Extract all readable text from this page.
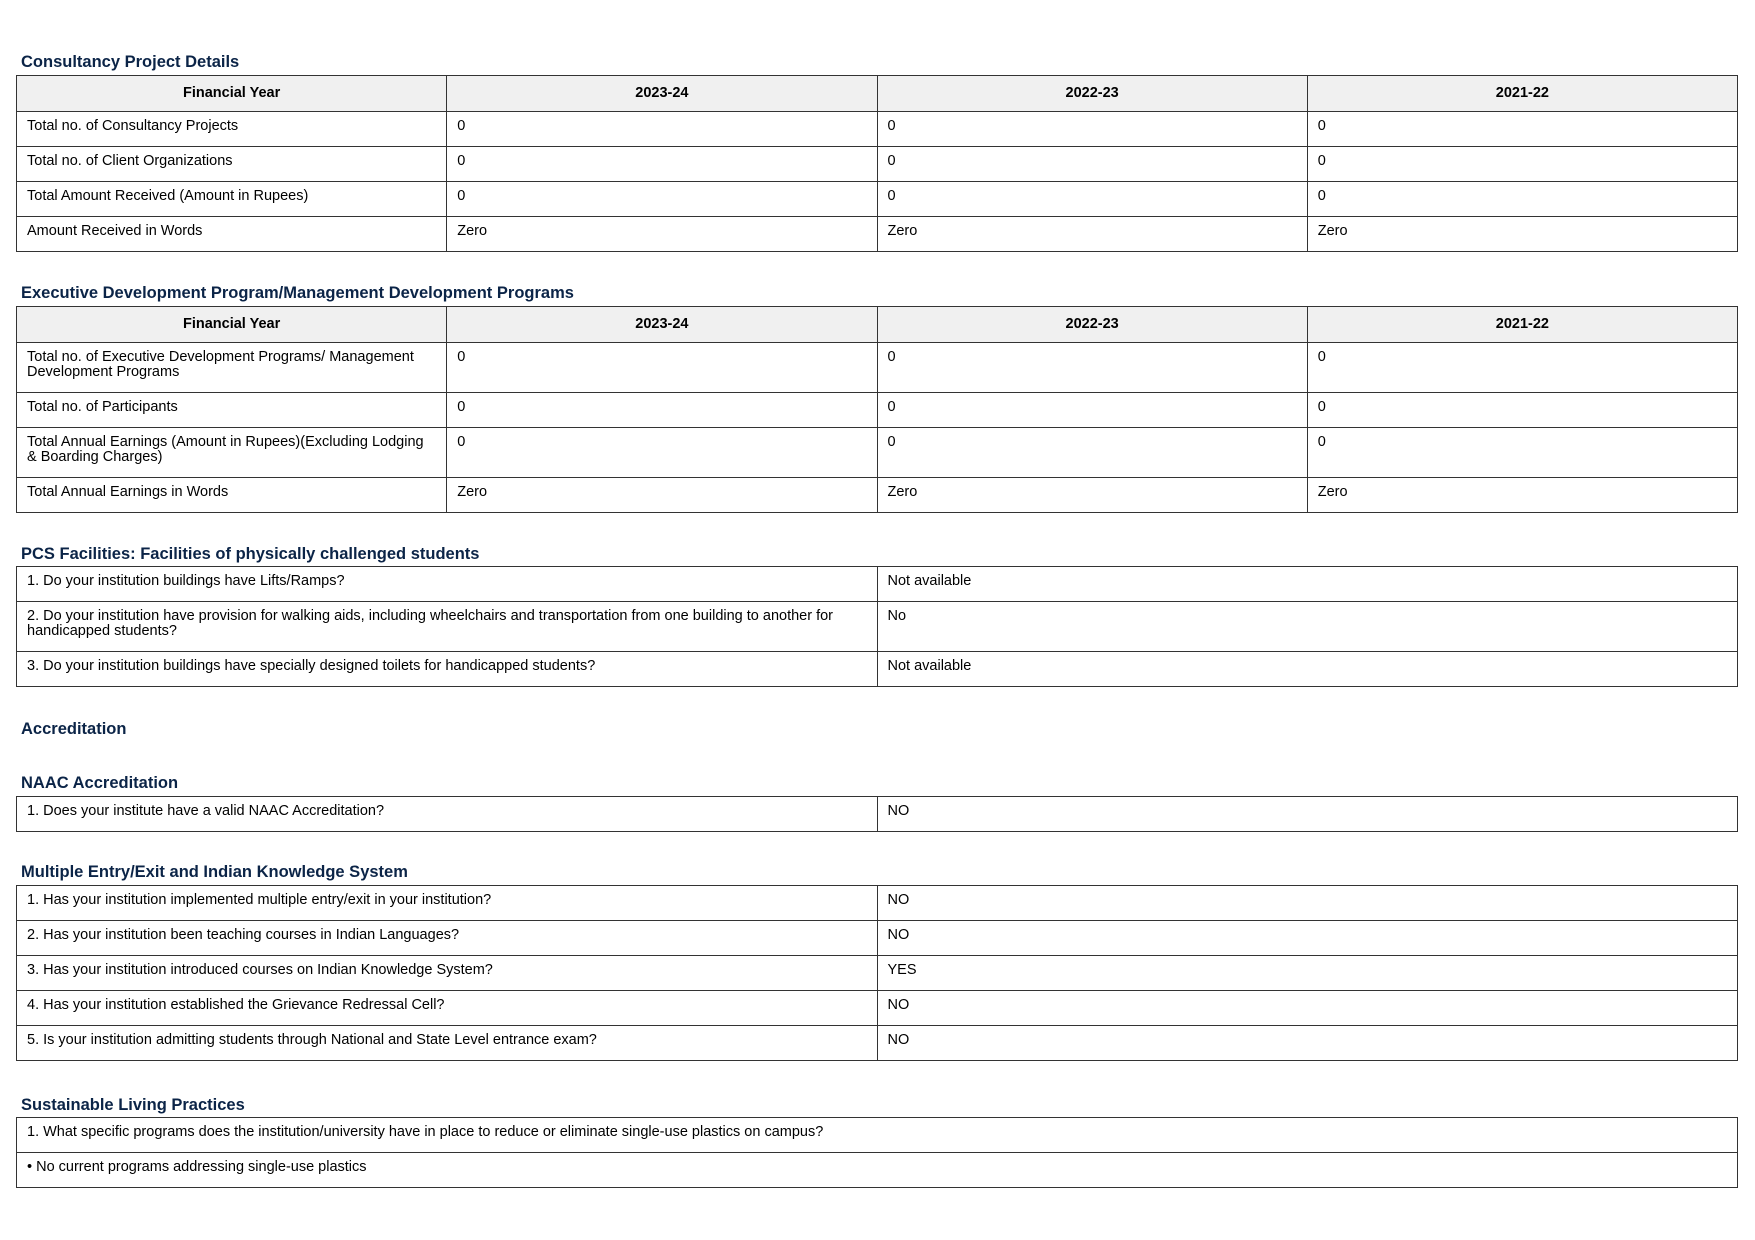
Consultancy Project Details
Financial Year	2023-24	2022-23	2021-22
Total no. of Consultancy Projects	0	0	0
Total no. of Client Organizations	0	0	0
Total Amount Received (Amount in Rupees)	0	0	0
Amount Received in Words	Zero	Zero	Zero
Executive Development Program/Management Development Programs
Financial Year	2023-24	2022-23	2021-22
Total no. of Executive Development Programs/ Management Development Programs	0	0	0
Total no. of Participants	0	0	0
Total Annual Earnings (Amount in Rupees)(Excluding Lodging & Boarding Charges)	0	0	0
Total Annual Earnings in Words	Zero	Zero	Zero
PCS Facilities: Facilities of physically challenged students
1. Do your institution buildings have Lifts/Ramps?	Not available
2. Do your institution have provision for walking aids, including wheelchairs and transportation from one building to another for handicapped students?	No
3. Do your institution buildings have specially designed toilets for handicapped students?	Not available
Accreditation
NAAC Accreditation
1. Does your institute have a valid NAAC Accreditation?	NO
Multiple Entry/Exit and Indian Knowledge System
1. Has your institution implemented multiple entry/exit in your institution?	NO
2. Has your institution been teaching courses in Indian Languages?	NO
3. Has your institution introduced courses on Indian Knowledge System?	YES
4. Has your institution established the Grievance Redressal Cell?	NO
5. Is your institution admitting students through National and State Level entrance exam?	NO
Sustainable Living Practices
1. What specific programs does the institution/university have in place to reduce or eliminate single-use plastics on campus?
• No current programs addressing single-use plastics
